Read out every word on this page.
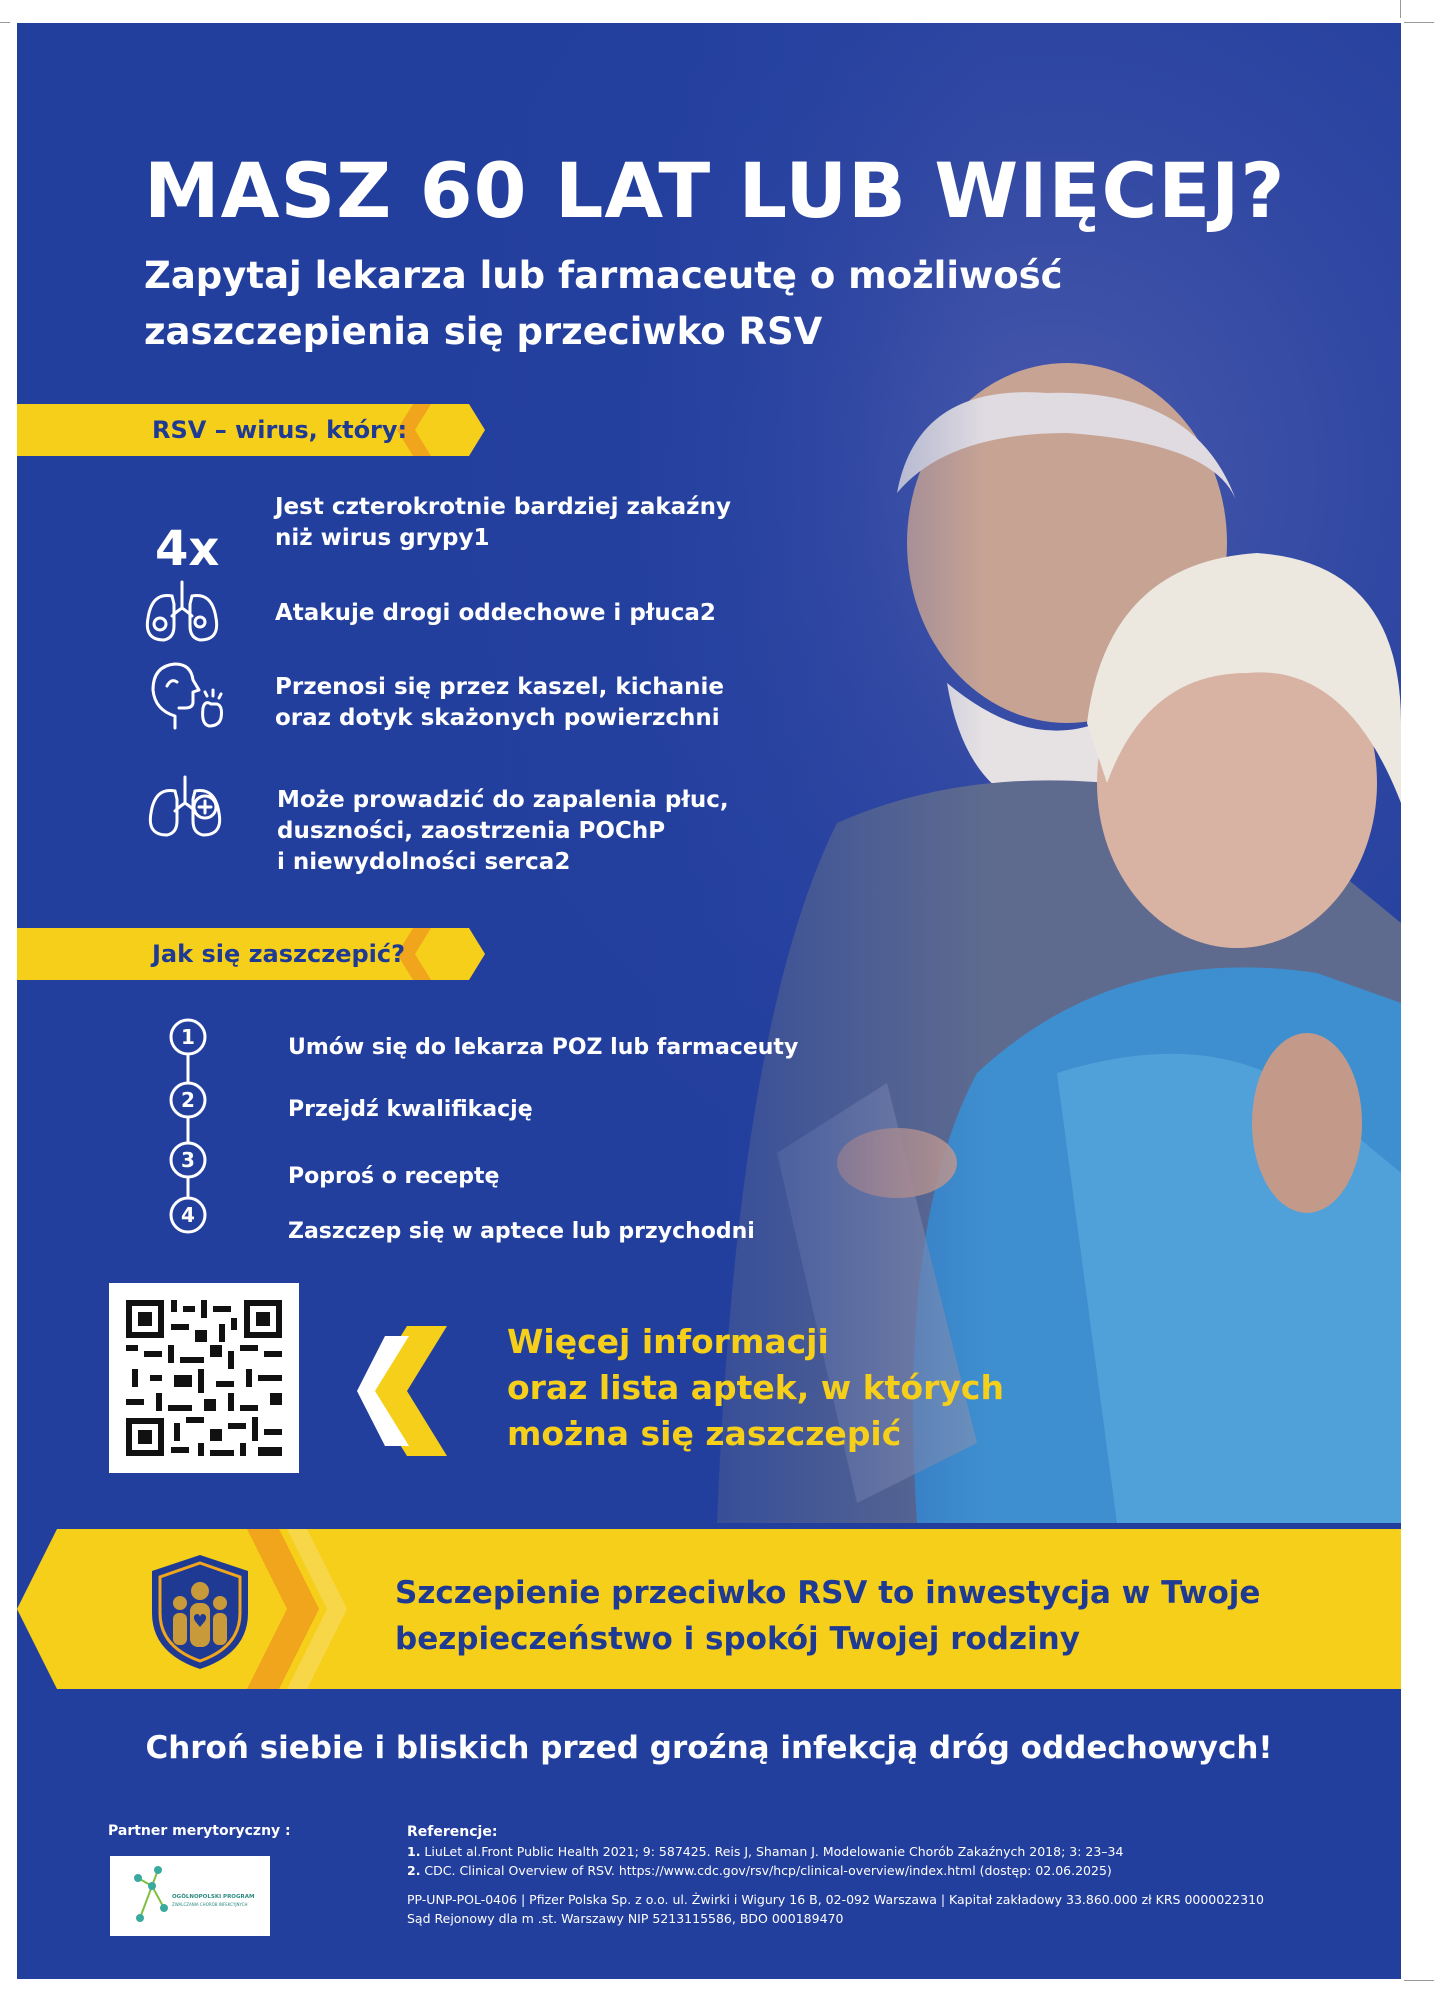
MASZ 60 LAT LUB WIĘCEJ?
Zapytaj lekarza lub farmaceutę o możliwość
zaszczepienia się przeciwko RSV
RSV – wirus, który:
4x
Jest czterokrotnie bardziej zakaźny
niż wirus grypy1
Atakuje drogi oddechowe i płuca2
Przenosi się przez kaszel, kichanie
oraz dotyk skażonych powierzchni
Może prowadzić do zapalenia płuc,
duszności, zaostrzenia POChP
i niewydolności serca2
Jak się zaszczepić?
1
2
3
4
Umów się do lekarza POZ lub farmaceuty
Przejdź kwalifikację
Poproś o receptę
Zaszczep się w aptece lub przychodni
Więcej informacji
oraz lista aptek, w których
można się zaszczepić
Szczepienie przeciwko RSV to inwestycja w Twoje
bezpieczeństwo i spokój Twojej rodziny
Chroń siebie i bliskich przed groźną infekcją dróg oddechowych!
Partner merytoryczny :
OGÓLNOPOLSKI PROGRAM
ZWALCZANIA CHORÓB INFEKCYJNYCH
Referencje:
1. LiuLet al.Front Public Health 2021; 9: 587425. Reis J, Shaman J. Modelowanie Chorób Zakaźnych 2018; 3: 23–34
2. CDC. Clinical Overview of RSV. https://www.cdc.gov/rsv/hcp/clinical-overview/index.html (dostęp: 02.06.2025)
PP-UNP-POL-0406 | Pfizer Polska Sp. z o.o. ul. Żwirki i Wigury 16 B, 02-092 Warszawa | Kapitał zakładowy 33.860.000 zł KRS 0000022310
Sąd Rejonowy dla m .st. Warszawy NIP 5213115586, BDO 000189470
